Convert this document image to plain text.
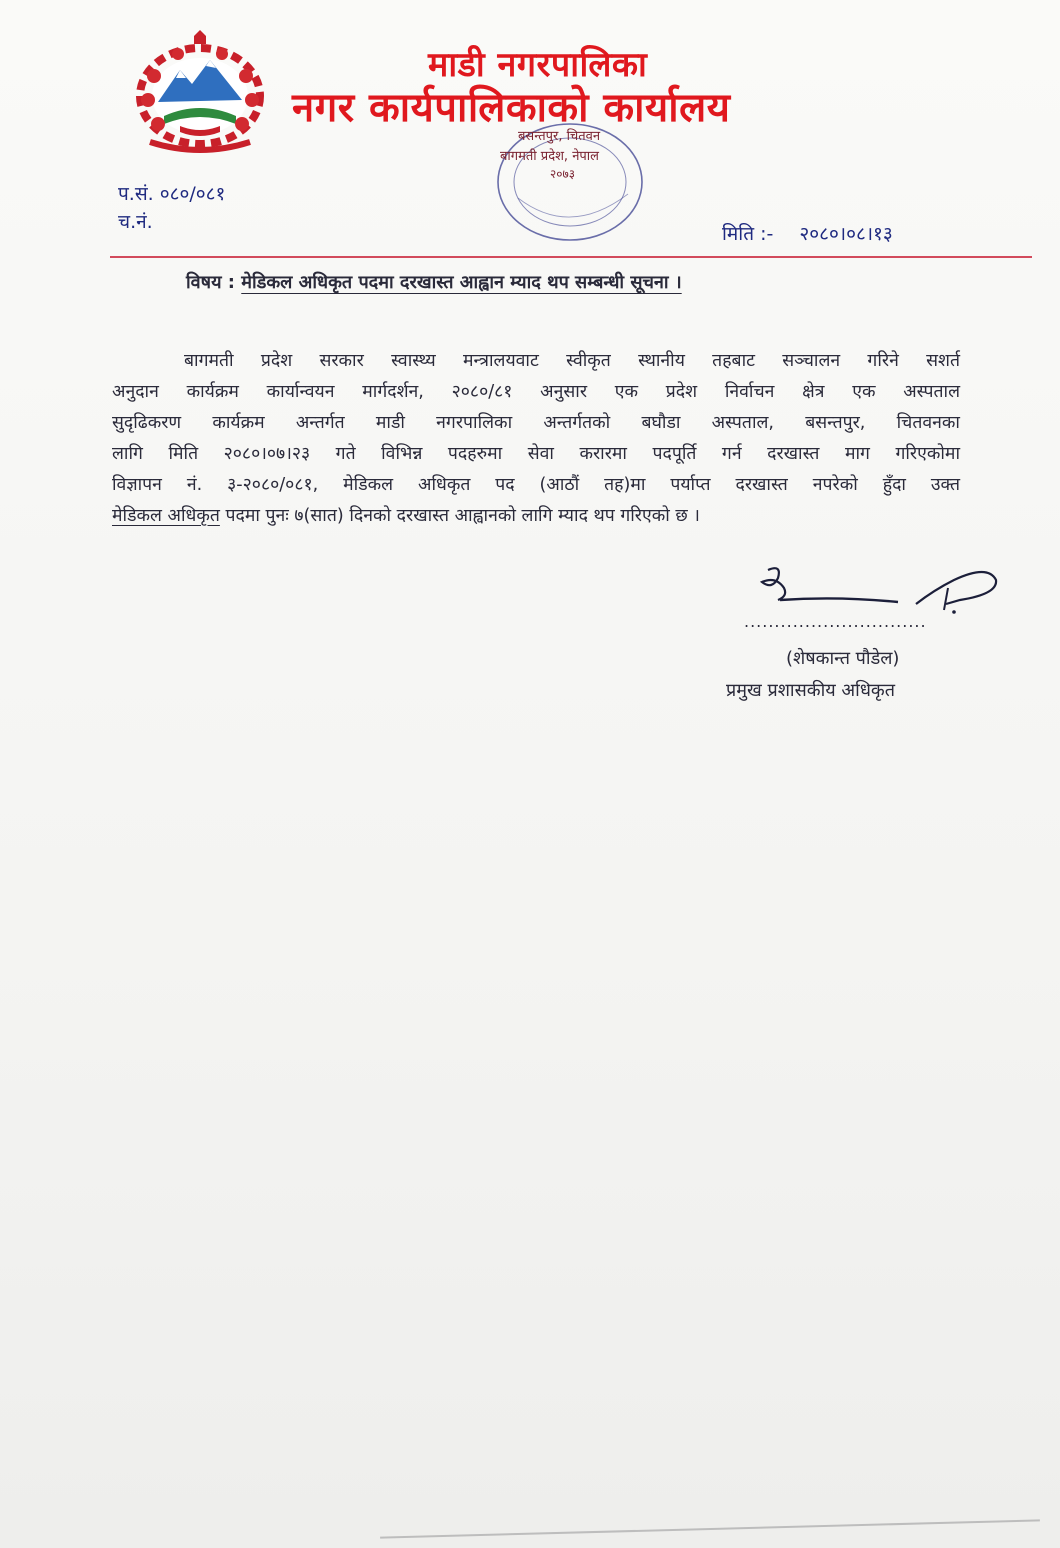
माडी नगरपालिका
नगर कार्यपालिकाको कार्यालय
बसन्तपुर, चितवन
बागमती प्रदेश, नेपाल
२०७३
प.सं. ०८०/०८१
च.नं.
मिति :- २०८०।०८।१३
विषय : मेडिकल अधिकृत पदमा दरखास्त आह्वान म्याद थप सम्बन्धी सूचना ।
बागमती प्रदेश सरकार स्वास्थ्य मन्त्रालयवाट स्वीकृत स्थानीय तहबाट सञ्चालन गरिने सशर्त
अनुदान कार्यक्रम कार्यान्वयन मार्गदर्शन, २०८०/८१ अनुसार एक प्रदेश निर्वाचन क्षेत्र एक अस्पताल
सुदृढिकरण कार्यक्रम अन्तर्गत माडी नगरपालिका अन्तर्गतको बघौडा अस्पताल, बसन्तपुर, चितवनका
लागि मिति २०८०।०७।२३ गते विभिन्न पदहरुमा सेवा करारमा पदपूर्ति गर्न दरखास्त माग गरिएकोमा
विज्ञापन नं. ३-२०८०/०८१, मेडिकल अधिकृत पद (आठौं तह)मा पर्याप्त दरखास्त नपरेको हुँदा उक्त
मेडिकल अधिकृत पदमा पुनः ७(सात) दिनको दरखास्त आह्वानको लागि म्याद थप गरिएको छ ।
..............................
(शेषकान्त पौडेल)
प्रमुख प्रशासकीय अधिकृत
